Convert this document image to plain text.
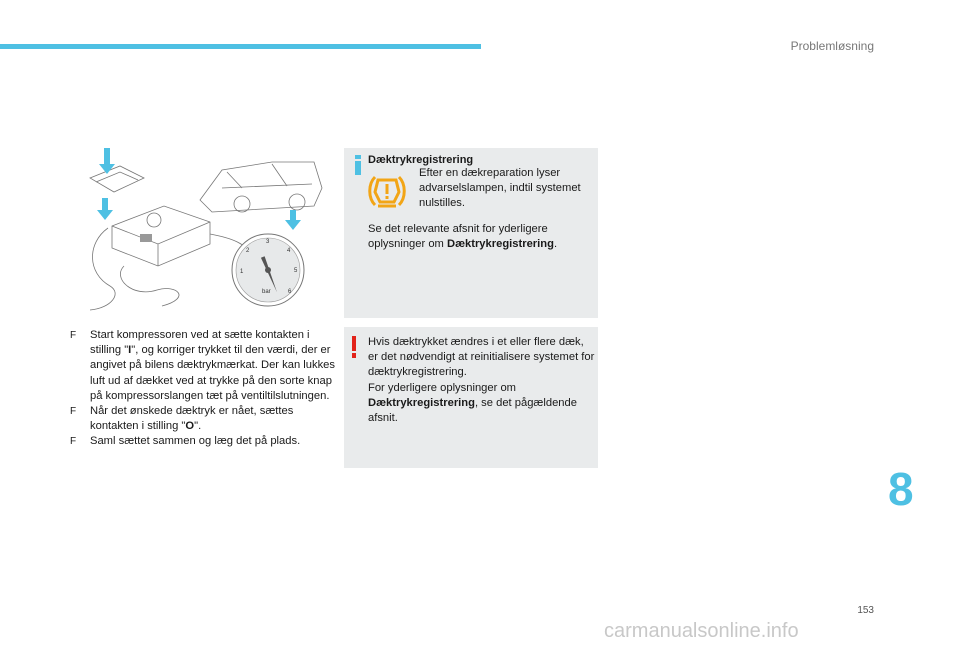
Problemløsning
1
2
3
4
5
6
bar

F Start kompressoren ved at sætte kontakten i stilling "I", og korriger trykket til den værdi, der er angivet på bilens dæktrykmærkat. Der kan lukkes luft ud af dækket ved at trykke på den sorte knap på kompressorslangen tæt på ventiltilslutningen.

F Når det ønskede dæktryk er nået, sættes kontakten i stilling "O".

F Saml sættet sammen og læg det på plads.

Dæktrykregistrering
Efter en dækreparation lyser advarselslampen, indtil systemet nulstilles.
Se det relevante afsnit for yderligere oplysninger om Dæktrykregistrering.
Hvis dæktrykket ændres i et eller flere dæk, er det nødvendigt at reinitialisere systemet for dæktrykregistrering.
For yderligere oplysninger om Dæktrykregistrering, se det pågældende afsnit.
8
153
carmanualsonline.info
